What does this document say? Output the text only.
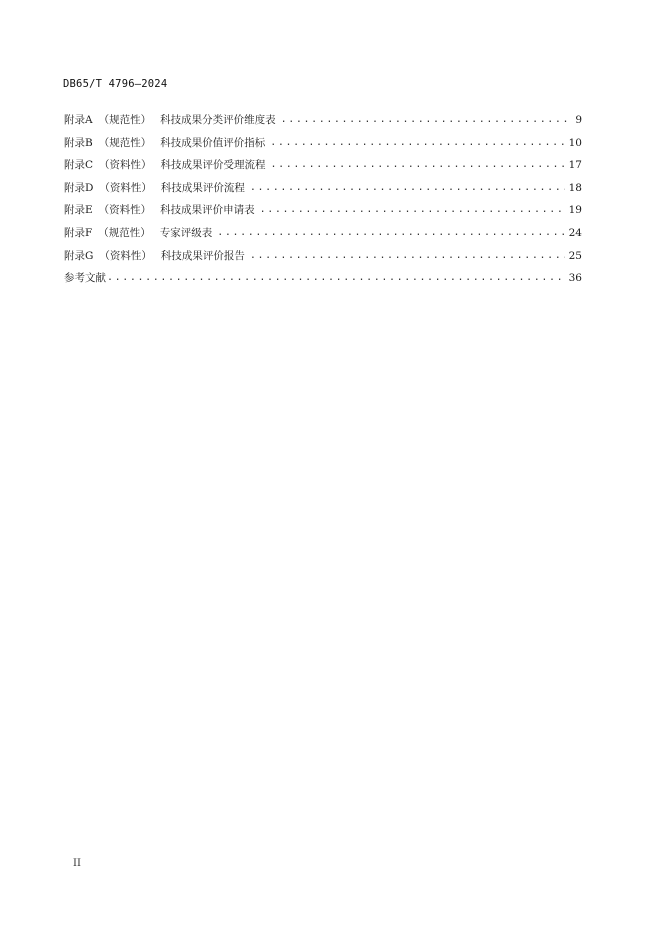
DB65/T 4796—2024
附录A （规范性） 科技成果分类评价维度表 .....	9
附录B （规范性） 科技成果价值评价指标 .....	10
附录C （资料性） 科技成果评价受理流程 .....	17
附录D （资料性） 科技成果评价流程 .....	18
附录E （资料性） 科技成果评价申请表 .....	19
附录F （规范性） 专家评级表 .....	24
附录G （资料性） 科技成果评价报告 .....	25
参考文献 .....	36
II
